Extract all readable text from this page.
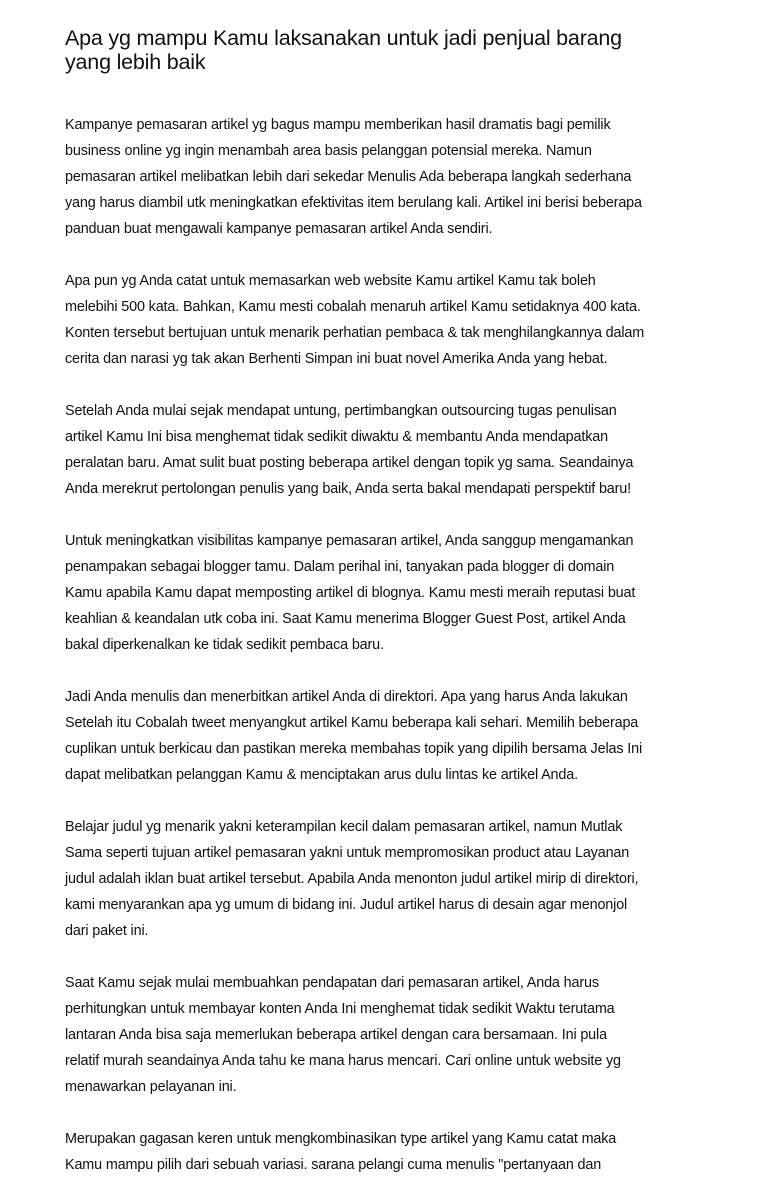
Apa yg mampu Kamu laksanakan untuk jadi penjual barang
yang lebih baik

Kampanye pemasaran artikel yg bagus mampu memberikan hasil dramatis bagi pemilik
business online yg ingin menambah area basis pelanggan potensial mereka. Namun
pemasaran artikel melibatkan lebih dari sekedar Menulis Ada beberapa langkah sederhana
yang harus diambil utk meningkatkan efektivitas item berulang kali. Artikel ini berisi beberapa
panduan buat mengawali kampanye pemasaran artikel Anda sendiri.

Apa pun yg Anda catat untuk memasarkan web website Kamu artikel Kamu tak boleh
melebihi 500 kata. Bahkan, Kamu mesti cobalah menaruh artikel Kamu setidaknya 400 kata.
Konten tersebut bertujuan untuk menarik perhatian pembaca & tak menghilangkannya dalam
cerita dan narasi yg tak akan Berhenti Simpan ini buat novel Amerika Anda yang hebat.

Setelah Anda mulai sejak mendapat untung, pertimbangkan outsourcing tugas penulisan
artikel Kamu Ini bisa menghemat tidak sedikit diwaktu & membantu Anda mendapatkan
peralatan baru. Amat sulit buat posting beberapa artikel dengan topik yg sama. Seandainya
Anda merekrut pertolongan penulis yang baik, Anda serta bakal mendapati perspektif baru!

Untuk meningkatkan visibilitas kampanye pemasaran artikel, Anda sanggup mengamankan
penampakan sebagai blogger tamu. Dalam perihal ini, tanyakan pada blogger di domain
Kamu apabila Kamu dapat memposting artikel di blognya. Kamu mesti meraih reputasi buat
keahlian & keandalan utk coba ini. Saat Kamu menerima Blogger Guest Post, artikel Anda
bakal diperkenalkan ke tidak sedikit pembaca baru.

Jadi Anda menulis dan menerbitkan artikel Anda di direktori. Apa yang harus Anda lakukan
Setelah itu Cobalah tweet menyangkut artikel Kamu beberapa kali sehari. Memilih beberapa
cuplikan untuk berkicau dan pastikan mereka membahas topik yang dipilih bersama Jelas Ini
dapat melibatkan pelanggan Kamu & menciptakan arus dulu lintas ke artikel Anda.

Belajar judul yg menarik yakni keterampilan kecil dalam pemasaran artikel, namun Mutlak
Sama seperti tujuan artikel pemasaran yakni untuk mempromosikan product atau Layanan
judul adalah iklan buat artikel tersebut. Apabila Anda menonton judul artikel mirip di direktori,
kami menyarankan apa yg umum di bidang ini. Judul artikel harus di desain agar menonjol
dari paket ini.

Saat Kamu sejak mulai membuahkan pendapatan dari pemasaran artikel, Anda harus
perhitungkan untuk membayar konten Anda Ini menghemat tidak sedikit Waktu terutama
lantaran Anda bisa saja memerlukan beberapa artikel dengan cara bersamaan. Ini pula
relatif murah seandainya Anda tahu ke mana harus mencari. Cari online untuk website yg
menawarkan pelayanan ini.

Merupakan gagasan keren untuk mengkombinasikan type artikel yang Kamu catat maka
Kamu mampu pilih dari sebuah variasi. sarana pelangi cuma menulis "pertanyaan dan
